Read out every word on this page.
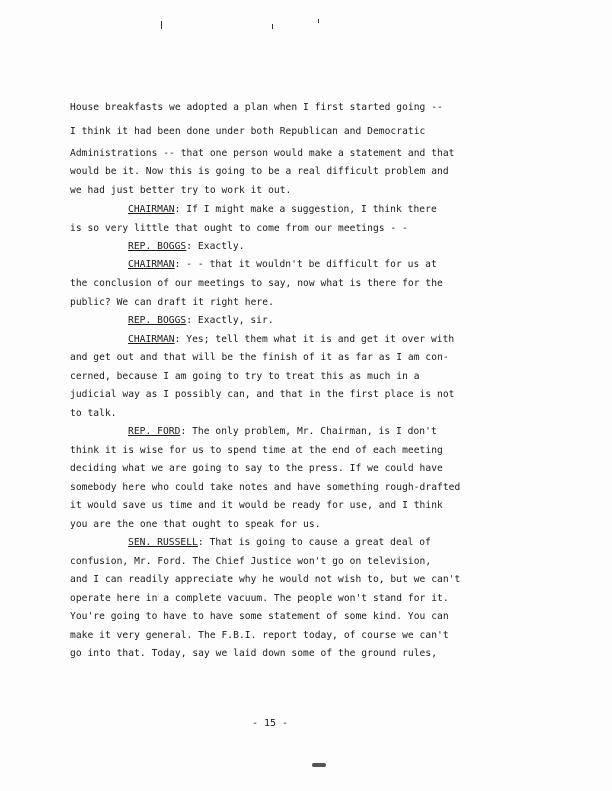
House breakfasts we adopted a plan when I first started going --
I think it had been done under both Republican and Democratic
Administrations -- that one person would make a statement and that
would be it. Now this is going to be a real difficult problem and
we had just better try to work it out.
CHAIRMAN: If I might make a suggestion, I think there
is so very little that ought to come from our meetings - -
REP. BOGGS: Exactly.
CHAIRMAN: - - that it wouldn't be difficult for us at
the conclusion of our meetings to say, now what is there for the
public? We can draft it right here.
REP. BOGGS: Exactly, sir.
CHAIRMAN: Yes; tell them what it is and get it over with
and get out and that will be the finish of it as far as I am con-
cerned, because I am going to try to treat this as much in a
judicial way as I possibly can, and that in the first place is not
to talk.
REP. FORD: The only problem, Mr. Chairman, is I don't
think it is wise for us to spend time at the end of each meeting
deciding what we are going to say to the press. If we could have
somebody here who could take notes and have something rough-drafted
it would save us time and it would be ready for use, and I think
you are the one that ought to speak for us.
SEN. RUSSELL: That is going to cause a great deal of
confusion, Mr. Ford. The Chief Justice won't go on television,
and I can readily appreciate why he would not wish to, but we can't
operate here in a complete vacuum. The people won't stand for it.
You're going to have to have some statement of some kind. You can
make it very general. The F.B.I. report today, of course we can't
go into that. Today, say we laid down some of the ground rules,
- 15 -
